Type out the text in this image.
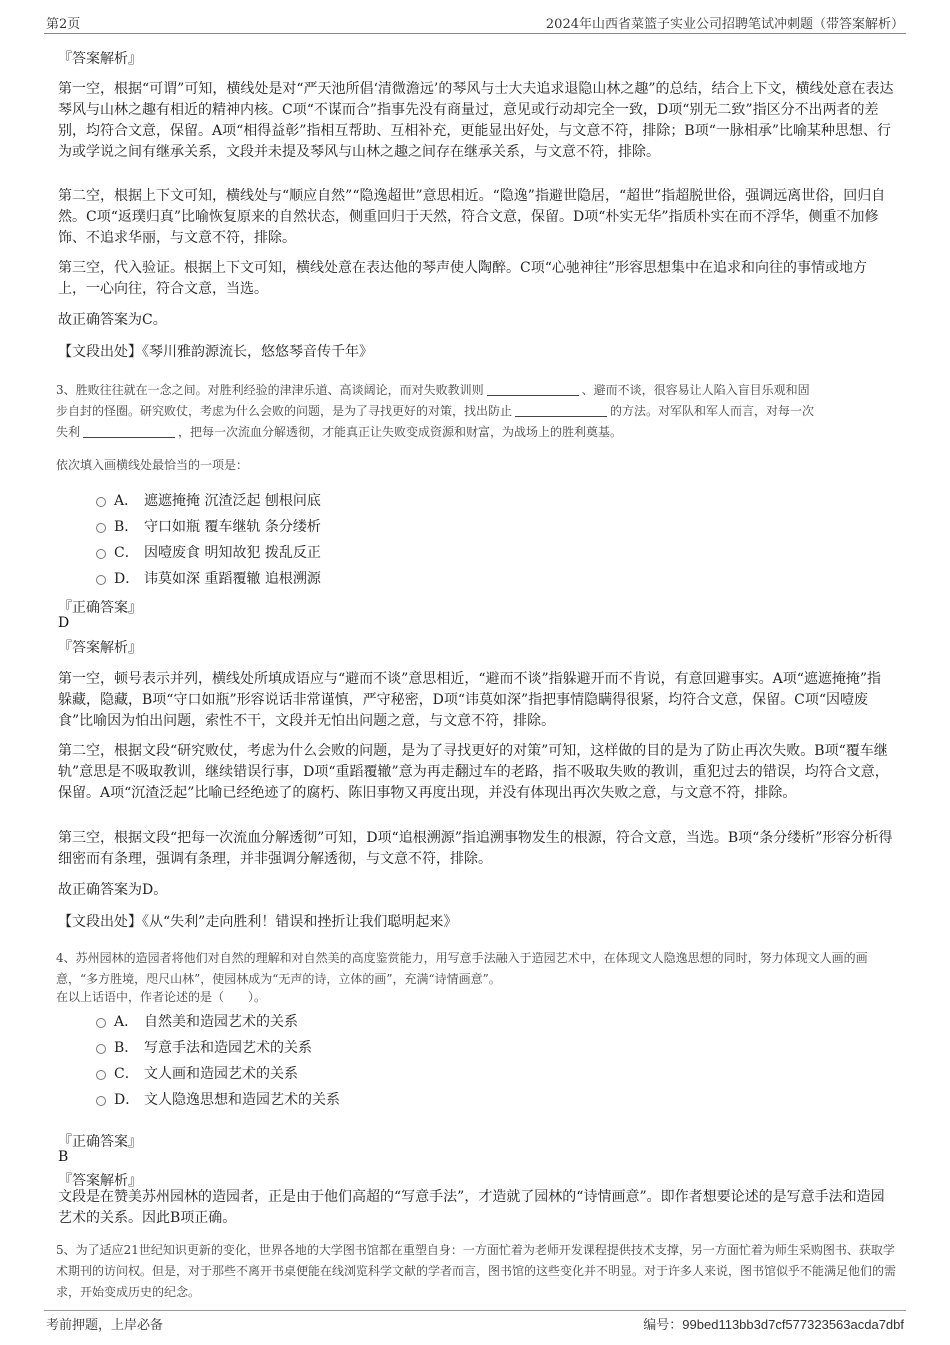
第2页	2024年山西省菜篮子实业公司招聘笔试冲刺题（带答案解析）
『答案解析』
第一空，根据“可谓”可知，横线处是对“严天池所倡‘清微澹远’的琴风与士大夫追求退隐山林之趣”的总结，结合上下文，横线处意在表达琴风与山林之趣有相近的精神内核。C项“不谋而合”指事先没有商量过，意见或行动却完全一致，D项“别无二致”指区分不出两者的差别，均符合文意，保留。A项“相得益彰”指相互帮助、互相补充，更能显出好处，与文意不符，排除；B项“一脉相承”比喻某种思想、行为或学说之间有继承关系，文段并未提及琴风与山林之趣之间存在继承关系，与文意不符，排除。
第二空，根据上下文可知，横线处与“顺应自然”“隐逸超世”意思相近。“隐逸”指避世隐居，“超世”指超脱世俗，强调远离世俗，回归自然。C项“返璞归真”比喻恢复原来的自然状态，侧重回归于天然，符合文意，保留。D项“朴实无华”指质朴实在而不浮华，侧重不加修饰、不追求华丽，与文意不符，排除。
第三空，代入验证。根据上下文可知，横线处意在表达他的琴声使人陶醉。C项“心驰神往”形容思想集中在追求和向往的事情或地方上，一心向往，符合文意，当选。
故正确答案为C。
【文段出处】《琴川雅韵源流长，悠悠琴音传千年》
3、胜败往往就在一念之间。对胜利经验的津津乐道、高谈阔论，而对失败教训则	、避而不谈，很容易让人陷入盲目乐观和固
步自封的怪圈。研究败仗，考虑为什么会败的问题，是为了寻找更好的对策，找出防止	的方法。对军队和军人而言，对每一次
失利	，把每一次流血分解透彻，才能真正让失败变成资源和财富，为战场上的胜利奠基。
依次填入画横线处最恰当的一项是：
A． 遮遮掩掩 沉渣泛起 刨根问底
B． 守口如瓶 覆车继轨 条分缕析
C． 因噎废食 明知故犯 拨乱反正
D． 讳莫如深 重蹈覆辙 追根溯源
『正确答案』
D
『答案解析』
第一空，顿号表示并列，横线处所填成语应与“避而不谈”意思相近，“避而不谈”指躲避开而不肯说，有意回避事实。A项“遮遮掩掩”指躲藏，隐藏，B项“守口如瓶”形容说话非常谨慎，严守秘密，D项“讳莫如深”指把事情隐瞒得很紧，均符合文意，保留。C项“因噎废食”比喻因为怕出问题，索性不干，文段并无怕出问题之意，与文意不符，排除。
第二空，根据文段“研究败仗，考虑为什么会败的问题，是为了寻找更好的对策”可知，这样做的目的是为了防止再次失败。B项“覆车继轨”意思是不吸取教训，继续错误行事，D项“重蹈覆辙”意为再走翻过车的老路，指不吸取失败的教训，重犯过去的错误，均符合文意，保留。A项“沉渣泛起”比喻已经绝迹了的腐朽、陈旧事物又再度出现，并没有体现出再次失败之意，与文意不符，排除。
第三空，根据文段“把每一次流血分解透彻”可知，D项“追根溯源”指追溯事物发生的根源，符合文意，当选。B项“条分缕析”形容分析得细密而有条理，强调有条理，并非强调分解透彻，与文意不符，排除。
故正确答案为D。
【文段出处】《从“失利”走向胜利！错误和挫折让我们聪明起来》
4、苏州园林的造园者将他们对自然的理解和对自然美的高度鉴赏能力，用写意手法融入于造园艺术中，在体现文人隐逸思想的同时，努力体现文人画的画意，“多方胜境，咫尺山林”，使园林成为“无声的诗，立体的画”，充满“诗情画意”。
在以上话语中，作者论述的是（　　）。
A． 自然美和造园艺术的关系
B． 写意手法和造园艺术的关系
C． 文人画和造园艺术的关系
D． 文人隐逸思想和造园艺术的关系
『正确答案』
B
『答案解析』
文段是在赞美苏州园林的造园者，正是由于他们高超的“写意手法”，才造就了园林的“诗情画意”。即作者想要论述的是写意手法和造园艺术的关系。因此B项正确。
5、为了适应21世纪知识更新的变化，世界各地的大学图书馆都在重塑自身：一方面忙着为老师开发课程提供技术支撑，另一方面忙着为师生采购图书、获取学术期刊的访问权。但是，对于那些不离开书桌便能在线浏览科学文献的学者而言，图书馆的这些变化并不明显。对于许多人来说，图书馆似乎不能满足他们的需求，开始变成历史的纪念。
考前押题，上岸必备	编号：99bed113bb3d7cf577323563acda7dbf
